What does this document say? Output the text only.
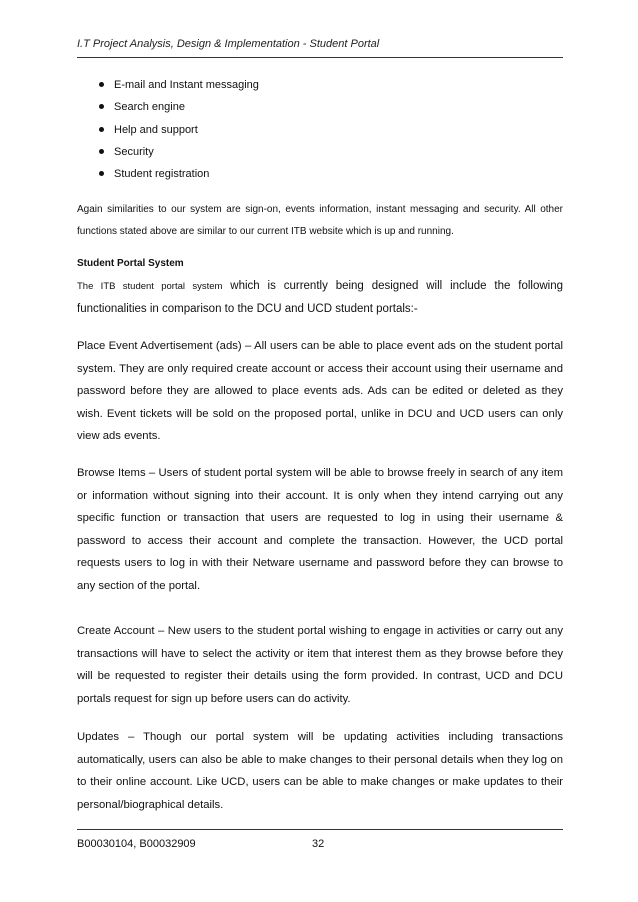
I.T Project Analysis, Design & Implementation - Student Portal
E-mail and Instant messaging
Search engine
Help and support
Security
Student registration

Again similarities to our system are sign-on, events information, instant messaging and security. All other functions stated above are similar to our current ITB website which is up and running.

Student Portal System

The ITB student portal system which is currently being designed will include the following functionalities in comparison to the DCU and UCD student portals:-

Place Event Advertisement (ads) – All users can be able to place event ads on the student portal system. They are only required create account or access their account using their username and password before they are allowed to place events ads. Ads can be edited or deleted as they wish. Event tickets will be sold on the proposed portal, unlike in DCU and UCD users can only view ads events.

Browse Items – Users of student portal system will be able to browse freely in search of any item or information without signing into their account. It is only when they intend carrying out any specific function or transaction that users are requested to log in using their username & password to access their account and complete the transaction. However, the UCD portal requests users to log in with their Netware username and password before they can browse to any section of the portal.

Create Account – New users to the student portal wishing to engage in activities or carry out any transactions will have to select the activity or item that interest them as they browse before they will be requested to register their details using the form provided. In contrast, UCD and DCU portals request for sign up before users can do activity.

Updates – Though our portal system will be updating activities including transactions automatically, users can also be able to make changes to their personal details when they log on to their online account. Like UCD, users can be able to make changes or make updates to their personal/biographical details.

B00030104, B00032909	32
